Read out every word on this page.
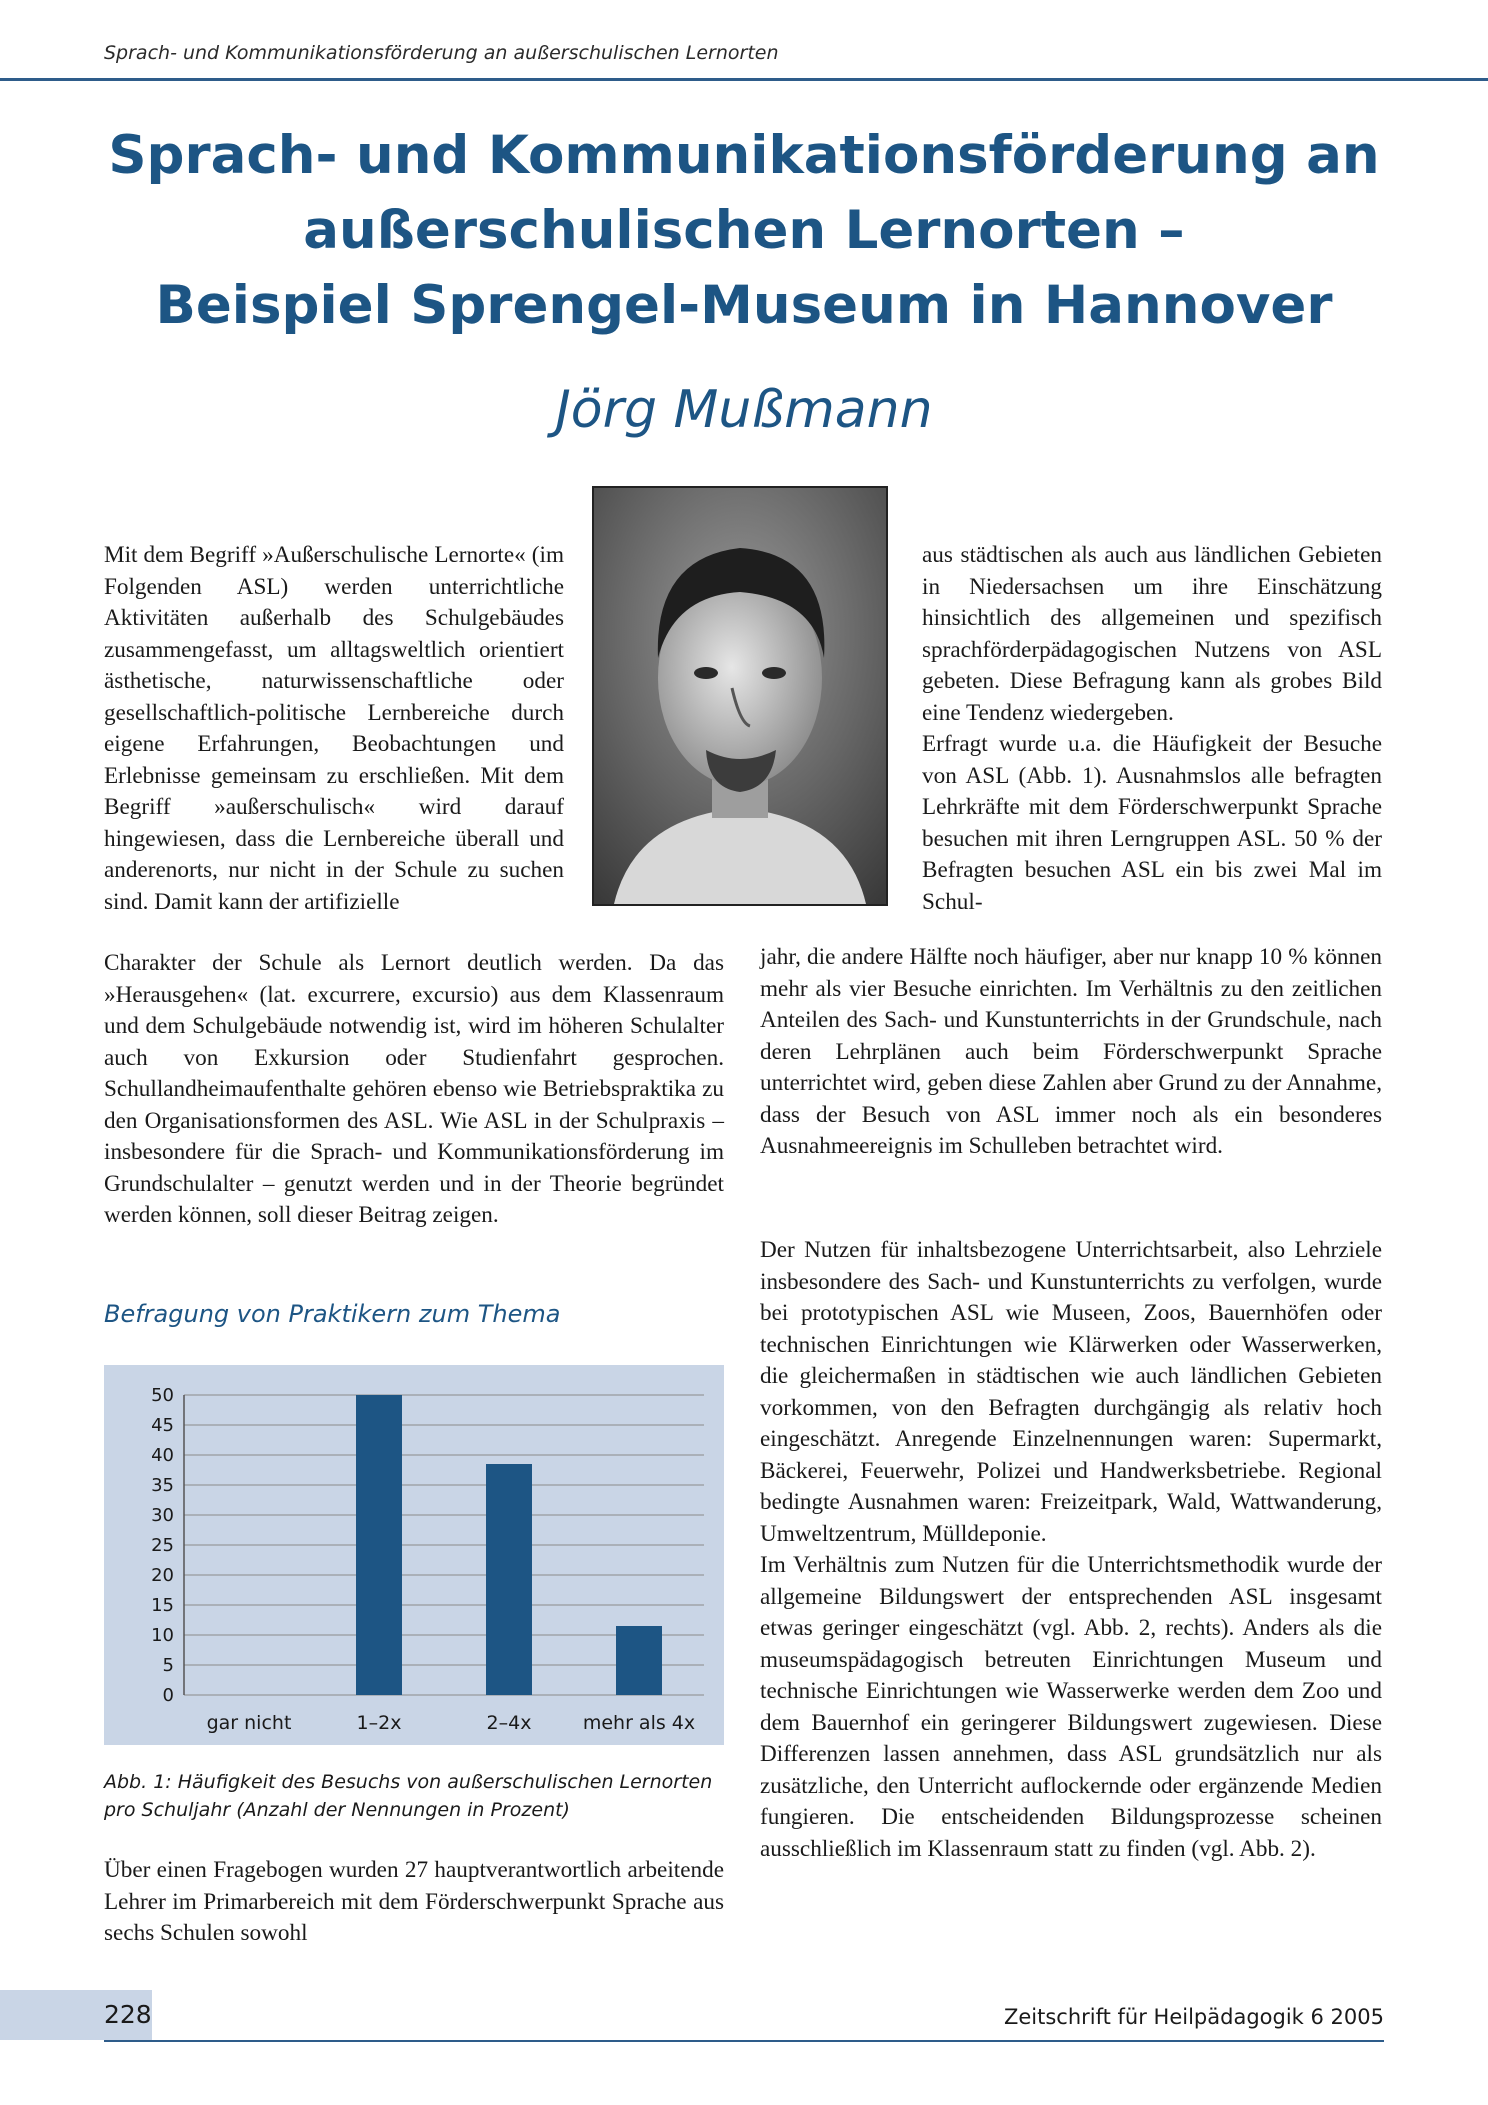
Sprach- und Kommunikationsförderung an außerschulischen Lernorten
Sprach- und Kommunikationsförderung an
außerschulischen Lernorten –
Beispiel Sprengel-Museum in Hannover
Jörg Mußmann

Mit dem Begriff »Außerschulische Lernorte« (im Folgenden ASL) werden unterrichtliche Aktivitäten außerhalb des Schulgebäudes zusammengefasst, um alltagsweltlich orientiert ästhetische, naturwissenschaftliche oder gesellschaftlich-politische Lernbereiche durch eigene Erfahrungen, Beobachtungen und Erlebnisse gemeinsam zu erschließen. Mit dem Begriff »außerschulisch« wird darauf hingewiesen, dass die Lernbereiche überall und anderenorts, nur nicht in der Schule zu suchen sind. Damit kann der artifizielle

Charakter der Schule als Lernort deutlich werden. Da das »Herausgehen« (lat. excurrere, excursio) aus dem Klassenraum und dem Schulgebäude notwendig ist, wird im höheren Schulalter auch von Exkursion oder Studienfahrt gesprochen. Schullandheimaufenthalte gehören ebenso wie Betriebspraktika zu den Organisationsformen des ASL. Wie ASL in der Schulpraxis – insbesondere für die Sprach- und Kommunikationsförderung im Grundschulalter – genutzt werden und in der Theorie begründet werden können, soll dieser Beitrag zeigen.

Befragung von Praktikern zum Thema
0
5
10
15
20
25
30
35
40
45
50
gar nicht	1–2x	2–4x	mehr als 4x
Abb. 1: Häufigkeit des Besuchs von außerschulischen Lernorten pro Schuljahr (Anzahl der Nennungen in Prozent)

Über einen Fragebogen wurden 27 hauptverantwortlich arbeitende Lehrer im Primarbereich mit dem Förderschwerpunkt Sprache aus sechs Schulen sowohl

aus städtischen als auch aus ländlichen Gebieten in Niedersachsen um ihre Einschätzung hinsichtlich des allgemeinen und spezifisch sprachförderpädagogischen Nutzens von ASL gebeten. Diese Befragung kann als grobes Bild eine Tendenz wiedergeben.

Erfragt wurde u.a. die Häufigkeit der Besuche von ASL (Abb. 1). Ausnahmslos alle befragten Lehrkräfte mit dem Förderschwerpunkt Sprache besuchen mit ihren Lerngruppen ASL. 50 % der Befragten besuchen ASL ein bis zwei Mal im Schul-

jahr, die andere Hälfte noch häufiger, aber nur knapp 10 % können mehr als vier Besuche einrichten. Im Verhältnis zu den zeitlichen Anteilen des Sach- und Kunstunterrichts in der Grundschule, nach deren Lehrplänen auch beim Förderschwerpunkt Sprache unterrichtet wird, geben diese Zahlen aber Grund zu der Annahme, dass der Besuch von ASL immer noch als ein besonderes Ausnahmeereignis im Schulleben betrachtet wird.

Der Nutzen für inhaltsbezogene Unterrichtsarbeit, also Lehrziele insbesondere des Sach- und Kunstunterrichts zu verfolgen, wurde bei prototypischen ASL wie Museen, Zoos, Bauernhöfen oder technischen Einrichtungen wie Klärwerken oder Wasserwerken, die gleichermaßen in städtischen wie auch ländlichen Gebieten vorkommen, von den Befragten durchgängig als relativ hoch eingeschätzt. Anregende Einzelnennungen waren: Supermarkt, Bäckerei, Feuerwehr, Polizei und Handwerksbetriebe. Regional bedingte Ausnahmen waren: Freizeitpark, Wald, Wattwanderung, Umweltzentrum, Mülldeponie.

Im Verhältnis zum Nutzen für die Unterrichtsmethodik wurde der allgemeine Bildungswert der entsprechenden ASL insgesamt etwas geringer eingeschätzt (vgl. Abb. 2, rechts). Anders als die museumspädagogisch betreuten Einrichtungen Museum und technische Einrichtungen wie Wasserwerke werden dem Zoo und dem Bauernhof ein geringerer Bildungswert zugewiesen. Diese Differenzen lassen annehmen, dass ASL grundsätzlich nur als zusätzliche, den Unterricht auflockernde oder ergänzende Medien fungieren. Die entscheidenden Bildungsprozesse scheinen ausschließlich im Klassenraum statt zu finden (vgl. Abb. 2).

228	Zeitschrift für Heilpädagogik 6 2005
